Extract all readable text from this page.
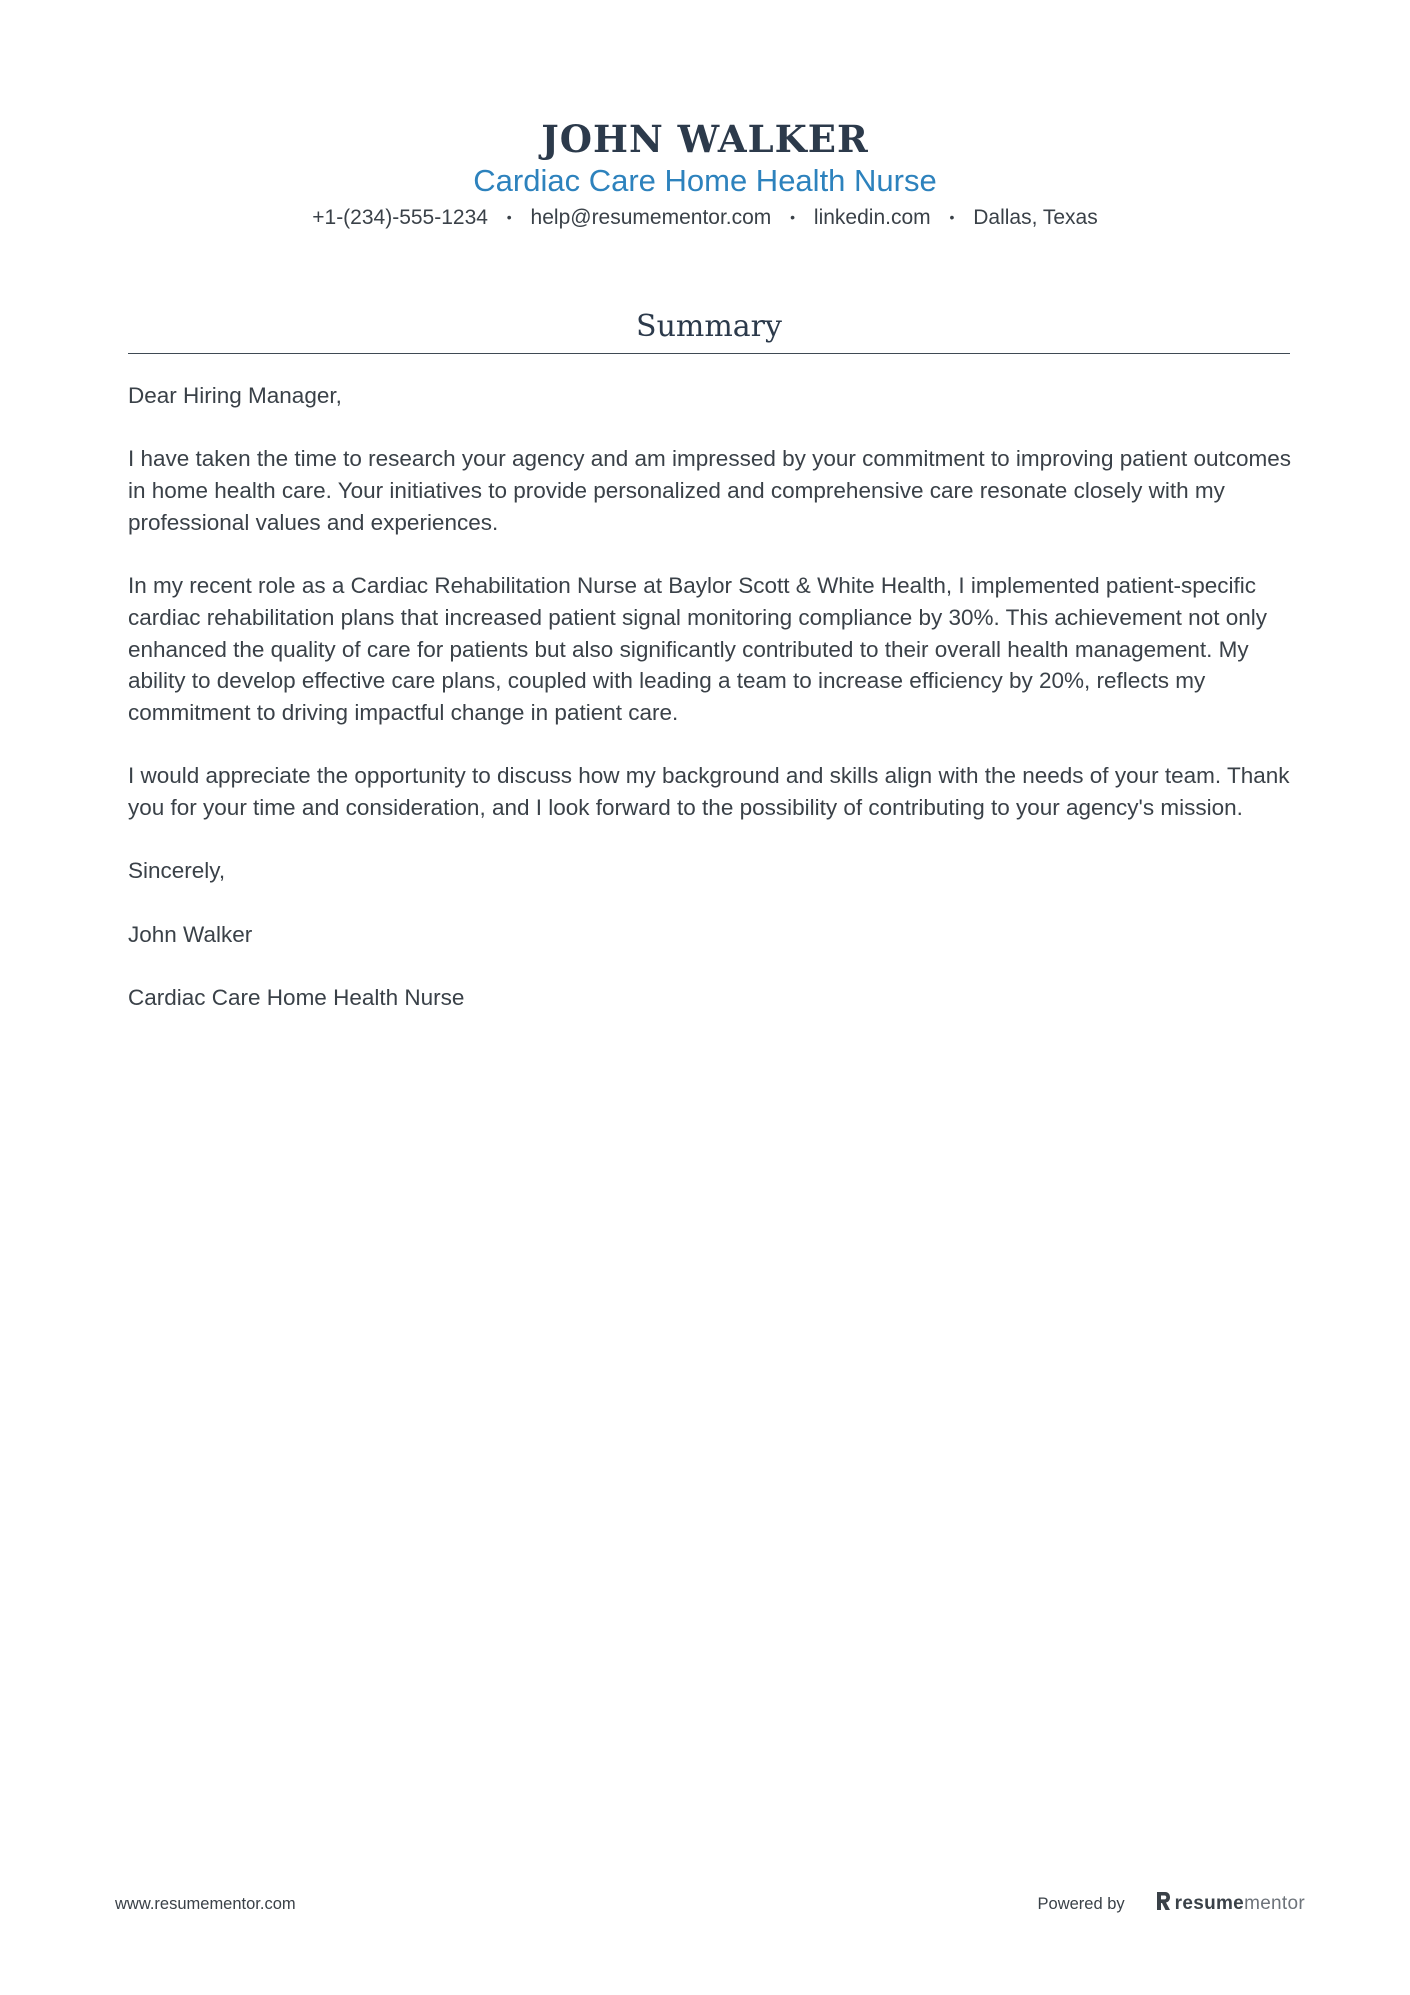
JOHN WALKER
Cardiac Care Home Health Nurse
+1-(234)-555-1234 • help@resumementor.com • linkedin.com • Dallas, Texas
Summary

Dear Hiring Manager,

I have taken the time to research your agency and am impressed by your commitment to improving patient outcomes in home health care. Your initiatives to provide personalized and comprehensive care resonate closely with my professional values and experiences.

In my recent role as a Cardiac Rehabilitation Nurse at Baylor Scott & White Health, I implemented patient-specific cardiac rehabilitation plans that increased patient signal monitoring compliance by 30%. This achievement not only enhanced the quality of care for patients but also significantly contributed to their overall health management. My ability to develop effective care plans, coupled with leading a team to increase efficiency by 20%, reflects my commitment to driving impactful change in patient care.

I would appreciate the opportunity to discuss how my background and skills align with the needs of your team. Thank you for your time and consideration, and I look forward to the possibility of contributing to your agency's mission.

Sincerely,

John Walker

Cardiac Care Home Health Nurse

www.resumementor.com	Powered by	resume mentor
